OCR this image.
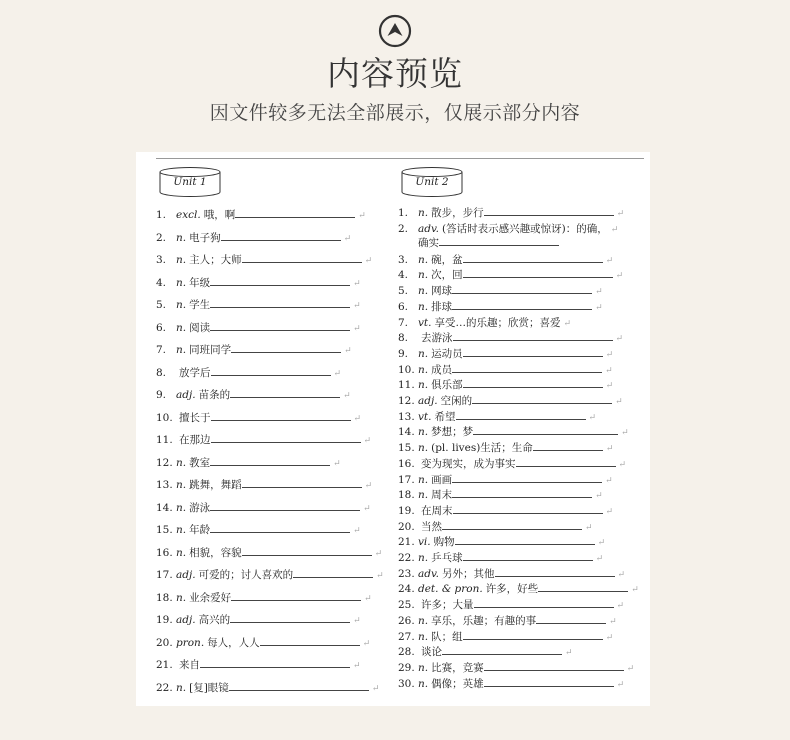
内容预览
因文件较多无法全部展示，仅展示部分内容
Unit 1	Unit 2
1. excl. 哦，啊	↵
2. n. 电子狗	↵
3. n. 主人；大师	↵
4. n. 年级	↵
5. n. 学生	↵
6. n. 阅读	↵
7. n. 同班同学	↵
8. 放学后	↵
9. adj. 苗条的	↵
10. 擅长于	↵
11. 在那边	↵
12. n. 教室	↵
13. n. 跳舞，舞蹈	↵
14. n. 游泳	↵
15. n. 年龄	↵
16. n. 相貌，容貌	↵
17. adj. 可爱的；讨人喜欢的	↵
18. n. 业余爱好	↵
19. adj. 高兴的	↵
20. pron. 每人，人人	↵
21. 来自	↵
22. n. [复]眼镜	↵
1. n. 散步，步行	↵
2. adv. (答话时表示感兴趣或惊讶)：的确， ↵
3. n. 碗，盆	↵
4. n. 次，回	↵
5. n. 网球	↵
6. n. 排球	↵
7. vt. 享受…的乐趣；欣赏；喜爱 ↵
8. 去游泳	↵
9. n. 运动员	↵
10. n. 成员	↵
11. n. 俱乐部	↵
12. adj. 空闲的	↵
13. vt. 希望	↵
14. n. 梦想；梦	↵
15. n. (pl. lives)生活；生命	↵
16. 变为现实，成为事实	↵
17. n. 画画	↵
18. n. 周末	↵
19. 在周末	↵
20. 当然	↵
21. vi. 购物	↵
22. n. 乒乓球	↵
23. adv. 另外；其他	↵
24. det. & pron. 许多，好些	↵
25. 许多；大量	↵
26. n. 享乐，乐趣；有趣的事	↵
27. n. 队；组	↵
28. 谈论	↵
29. n. 比赛，竞赛	↵
30. n. 偶像；英雄	↵
确实
